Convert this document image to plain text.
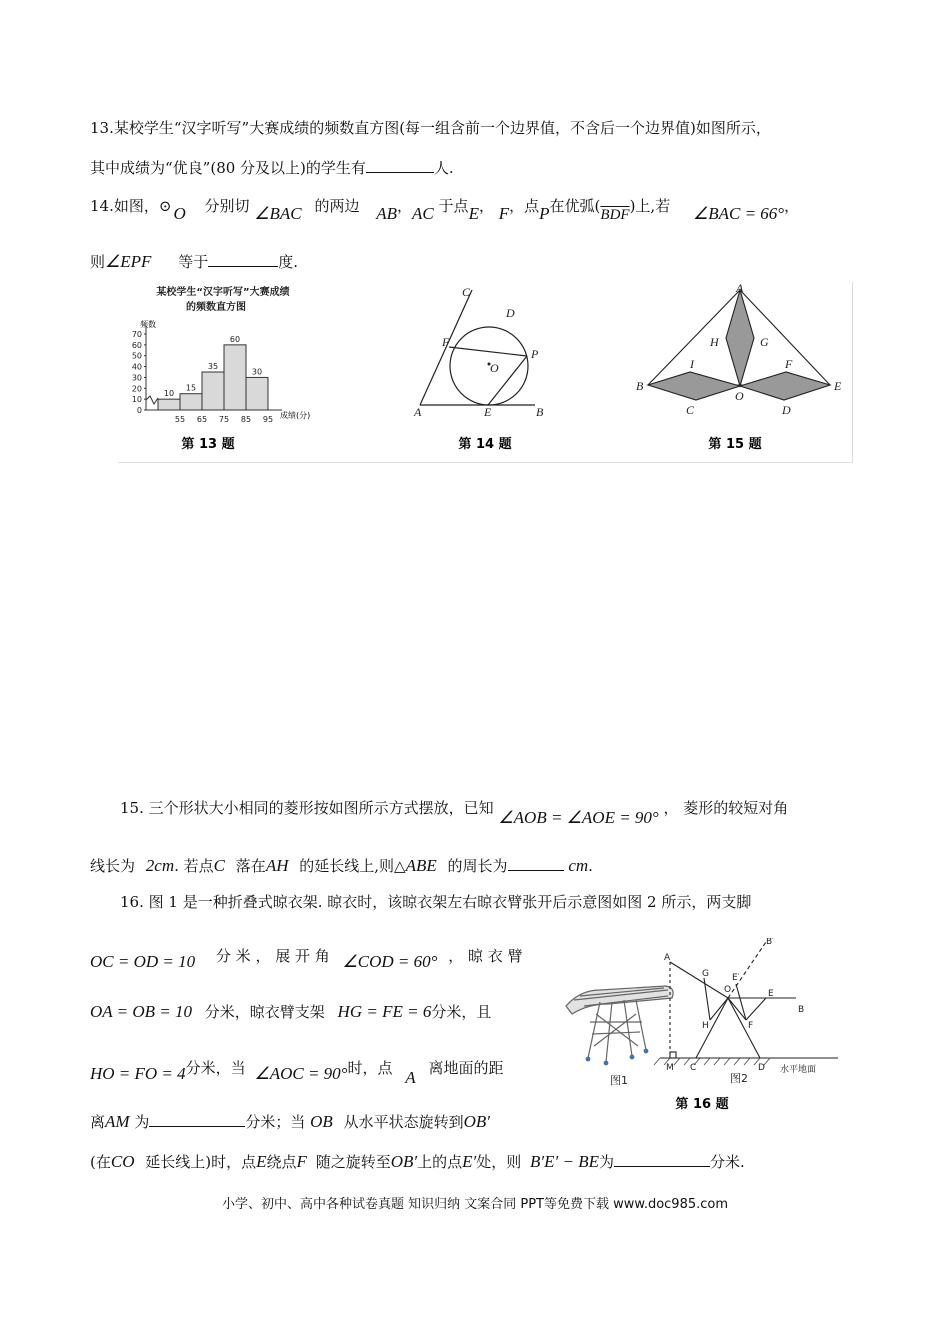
13.某校学生“汉字听写”大赛成绩的频数直方图(每一组含前一个边界值，不含后一个边界值)如图所示，
其中成绩为“优良”(80 分及以上)的学生有	人.
14.如图，⊙ O 分别切 ∠BAC 的两边 AB，AC 于点E， F，点P在优弧$(\overline{BDF})$上,若 ∠BAC = 66°，
则∠EPF 等于	度.
某校学生“汉字听写”大赛成绩
的频数直方图
10
15
35
60
30
0
10
20
30
40
50
60
70
55 65 75 85 95
频数
成绩(分)
第 13 题
C
D
F
O
P
A	E	B
第 14 题
A
H	G
I	F
B
O
E
C	D
第 15 题
15. 三个形状大小相同的菱形按如图所示方式摆放，已知 ∠AOB = ∠AOE = 90° ， 菱形的较短对角
线长为 2cm. 若点C 落在AH 的延长线上,则△ABE 的周长为	cm.
16. 图 1 是一种折叠式晾衣架. 晾衣时，该晾衣架左右晾衣臂张开后示意图如图 2 所示，两支脚
OC = OD = 10 分 米 ， 展 开 角 ∠COD = 60° ， 晾 衣 臂
OA = OB = 10 分米，晾衣臂支架 HG = FE = 6分米，且
HO = FO = 4分米，当 ∠AOC = 90°时，点 A 离地面的距
离AM 为	分米；当 OB 从水平状态旋转到OB′
(在CO 延长线上)时，点E绕点F 随之旋转至OB′上的点E′处，则 B′E′ − BE为	分米.
图1
A
G	E′
B′
O	E
B
H	F
M C	D 水平地面
图2
第 16 题
小学、初中、高中各种试卷真题 知识归纳 文案合同 PPT等免费下载 www.doc985.com
